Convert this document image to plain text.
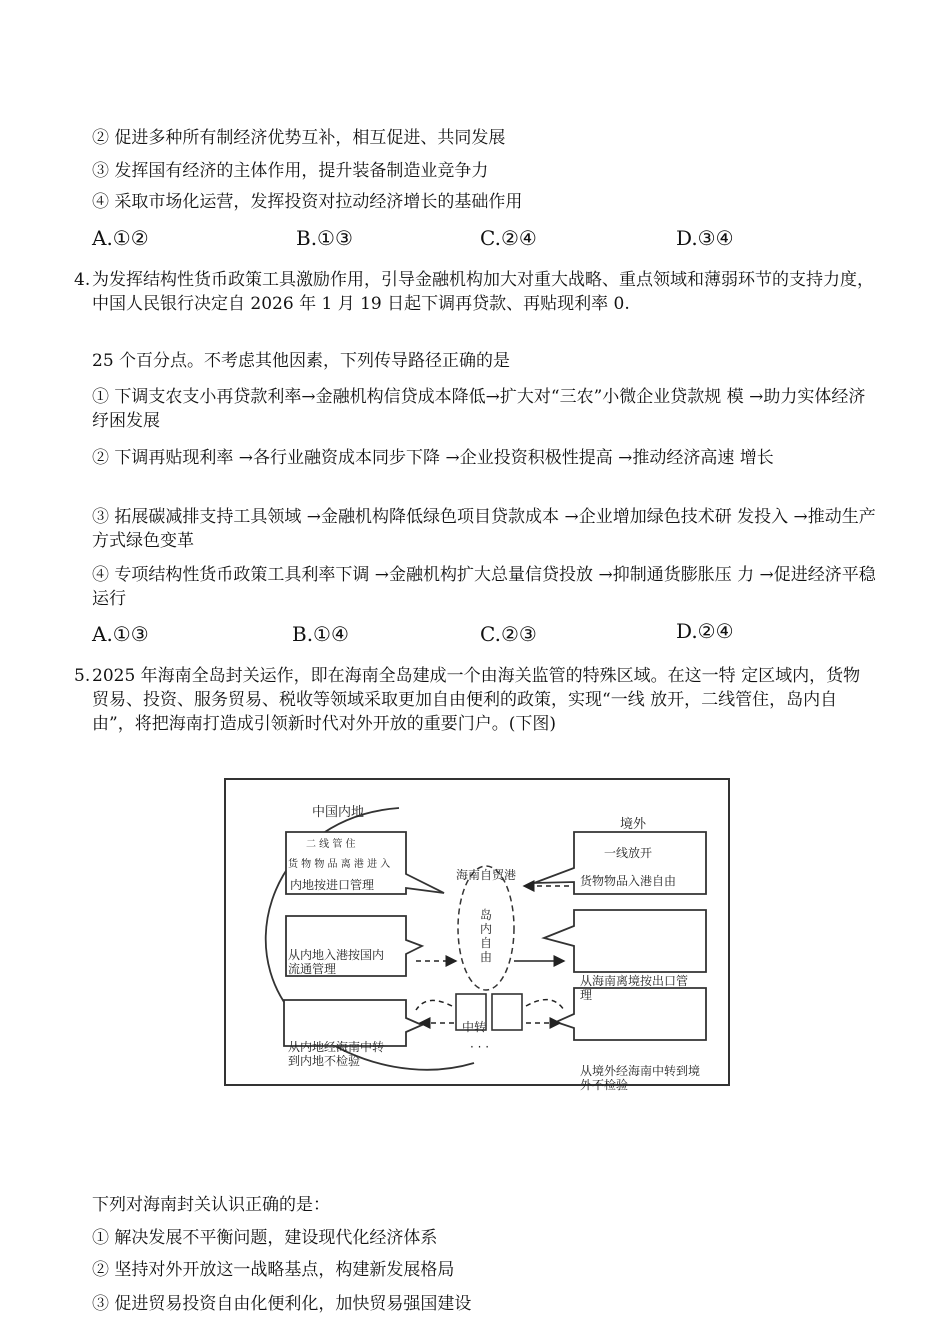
② 促进多种所有制经济优势互补，相互促进、共同发展
③ 发挥国有经济的主体作用，提升装备制造业竞争力
④ 采取市场化运营，发挥投资对拉动经济增长的基础作用
A.①②	B.①③	C.②④	D.③④
4. 为发挥结构性货币政策工具激励作用，引导金融机构加大对重大战略、重点领域和薄弱环节的支持力度，中国人民银行决定自 2026 年 1 月 19 日起下调再贷款、再贴现利率 0.
25 个百分点。不考虑其他因素，下列传导路径正确的是
① 下调支农支小再贷款利率→金融机构信贷成本降低→扩大对“三农”小微企业贷款规 模 →助力实体经济纾困发展
② 下调再贴现利率 →各行业融资成本同步下降 →企业投资积极性提高 →推动经济高速 增长
③ 拓展碳减排支持工具领域 →金融机构降低绿色项目贷款成本 →企业增加绿色技术研 发投入 →推动生产方式绿色变革
④ 专项结构性货币政策工具利率下调 →金融机构扩大总量信贷投放 →抑制通货膨胀压 力 →促进经济平稳运行
A.①③	B.①④	C.②③	D.②④
5. 2025 年海南全岛封关运作，即在海南全岛建成一个由海关监管的特殊区域。在这一特 定区域内，货物贸易、投资、服务贸易、税收等领域采取更加自由便利的政策，实现“一线 放开，二线管住，岛内自由”，将把海南打造成引领新时代对外开放的重要门户。(下图)
中国内地
境外
二 线 管 住
货 物 物 品 离 港 进 入
内地按进口管理
海南自贸港
岛内自由
一线放开
货物物品入港自由
从内地入港按国内 流通管理
从海南离境按出口管理
中转
· · ·
从内地经海南中转到内地不检验
从境外经海南中转到境外不检验
下列对海南封关认识正确的是：
① 解决发展不平衡问题，建设现代化经济体系
② 坚持对外开放这一战略基点，构建新发展格局
③ 促进贸易投资自由化便利化，加快贸易强国建设
